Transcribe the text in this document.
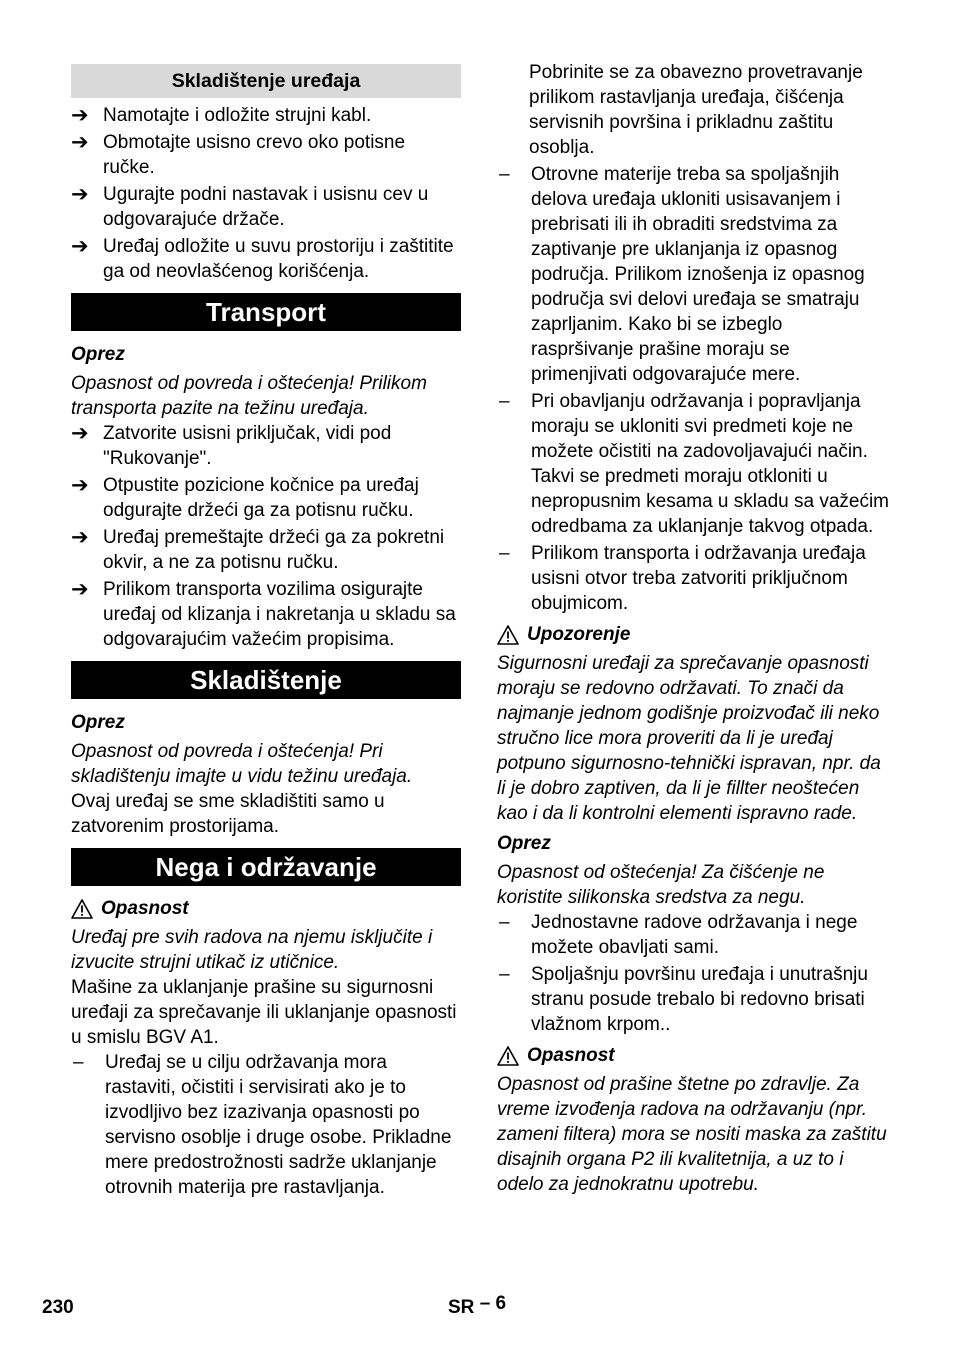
Skladištenje uređaja
➔ Namotajte i odložite strujni kabl.
➔ Obmotajte usisno crevo oko potisne ručke.
➔ Ugurajte podni nastavak i usisnu cev u odgovarajuće držače.
➔ Uređaj odložite u suvu prostoriju i zaštitite ga od neovlašćenog korišćenja.
Transport

Oprez

Opasnost od povreda i oštećenja! Prilikom transporta pazite na težinu uređaja.

➔ Zatvorite usisni priključak, vidi pod "Rukovanje".
➔ Otpustite pozicione kočnice pa uređaj odgurajte držeći ga za potisnu ručku.
➔ Uređaj premeštajte držeći ga za pokretni okvir, a ne za potisnu ručku.
➔ Prilikom transporta vozilima osigurajte uređaj od klizanja i nakretanja u skladu sa odgovarajućim važećim propisima.
Skladištenje

Oprez

Opasnost od povreda i oštećenja! Pri skladištenju imajte u vidu težinu uređaja.

Ovaj uređaj se sme skladištiti samo u zatvorenim prostorijama.

Nega i održavanje

Opasnost

Uređaj pre svih radova na njemu isključite i izvucite strujni utikač iz utičnice.

Mašine za uklanjanje prašine su sigurnosni uređaji za sprečavanje ili uklanjanje opasnosti u smislu BGV A1.

–	Uređaj se u cilju održavanja mora rastaviti, očistiti i servisirati ako je to izvodljivo bez izazivanja opasnosti po servisno osoblje i druge osobe. Prikladne mere predostrožnosti sadrže uklanjanje otrovnih materija pre rastavljanja.

Pobrinite se za obavezno provetravanje prilikom rastavljanja uređaja, čišćenja servisnih površina i prikladnu zaštitu osoblja.

–	Otrovne materije treba sa spoljašnjih delova uređaja ukloniti usisavanjem i prebrisati ili ih obraditi sredstvima za zaptivanje pre uklanjanja iz opasnog područja. Prilikom iznošenja iz opasnog područja svi delovi uređaja se smatraju zaprljanim. Kako bi se izbeglo raspršivanje prašine moraju se primenjivati odgovarajuće mere.
–	Pri obavljanju održavanja i popravljanja moraju se ukloniti svi predmeti koje ne možete očistiti na zadovoljavajući način. Takvi se predmeti moraju otkloniti u nepropusnim kesama u skladu sa važećim odredbama za uklanjanje takvog otpada.
–	Prilikom transporta i održavanja uređaja usisni otvor treba zatvoriti priključnom obujmicom.

Upozorenje

Sigurnosni uređaji za sprečavanje opasnosti moraju se redovno održavati. To znači da najmanje jednom godišnje proizvođač ili neko stručno lice mora proveriti da li je uređaj potpuno sigurnosno-tehnički ispravan, npr. da li je dobro zaptiven, da li je fillter neoštećen kao i da li kontrolni elementi ispravno rade.

Oprez

Opasnost od oštećenja! Za čišćenje ne koristite silikonska sredstva za negu.

–	Jednostavne radove održavanja i nege možete obavljati sami.
–	Spoljašnju površinu uređaja i unutrašnju stranu posude trebalo bi redovno brisati vlažnom krpom..

Opasnost

Opasnost od prašine štetne po zdravlje. Za vreme izvođenja radova na održavanju (npr. zameni filtera) mora se nositi maska za zaštitu disajnih organa P2 ili kvalitetnija, a uz to i odelo za jednokratnu upotrebu.

230	SR – 6
